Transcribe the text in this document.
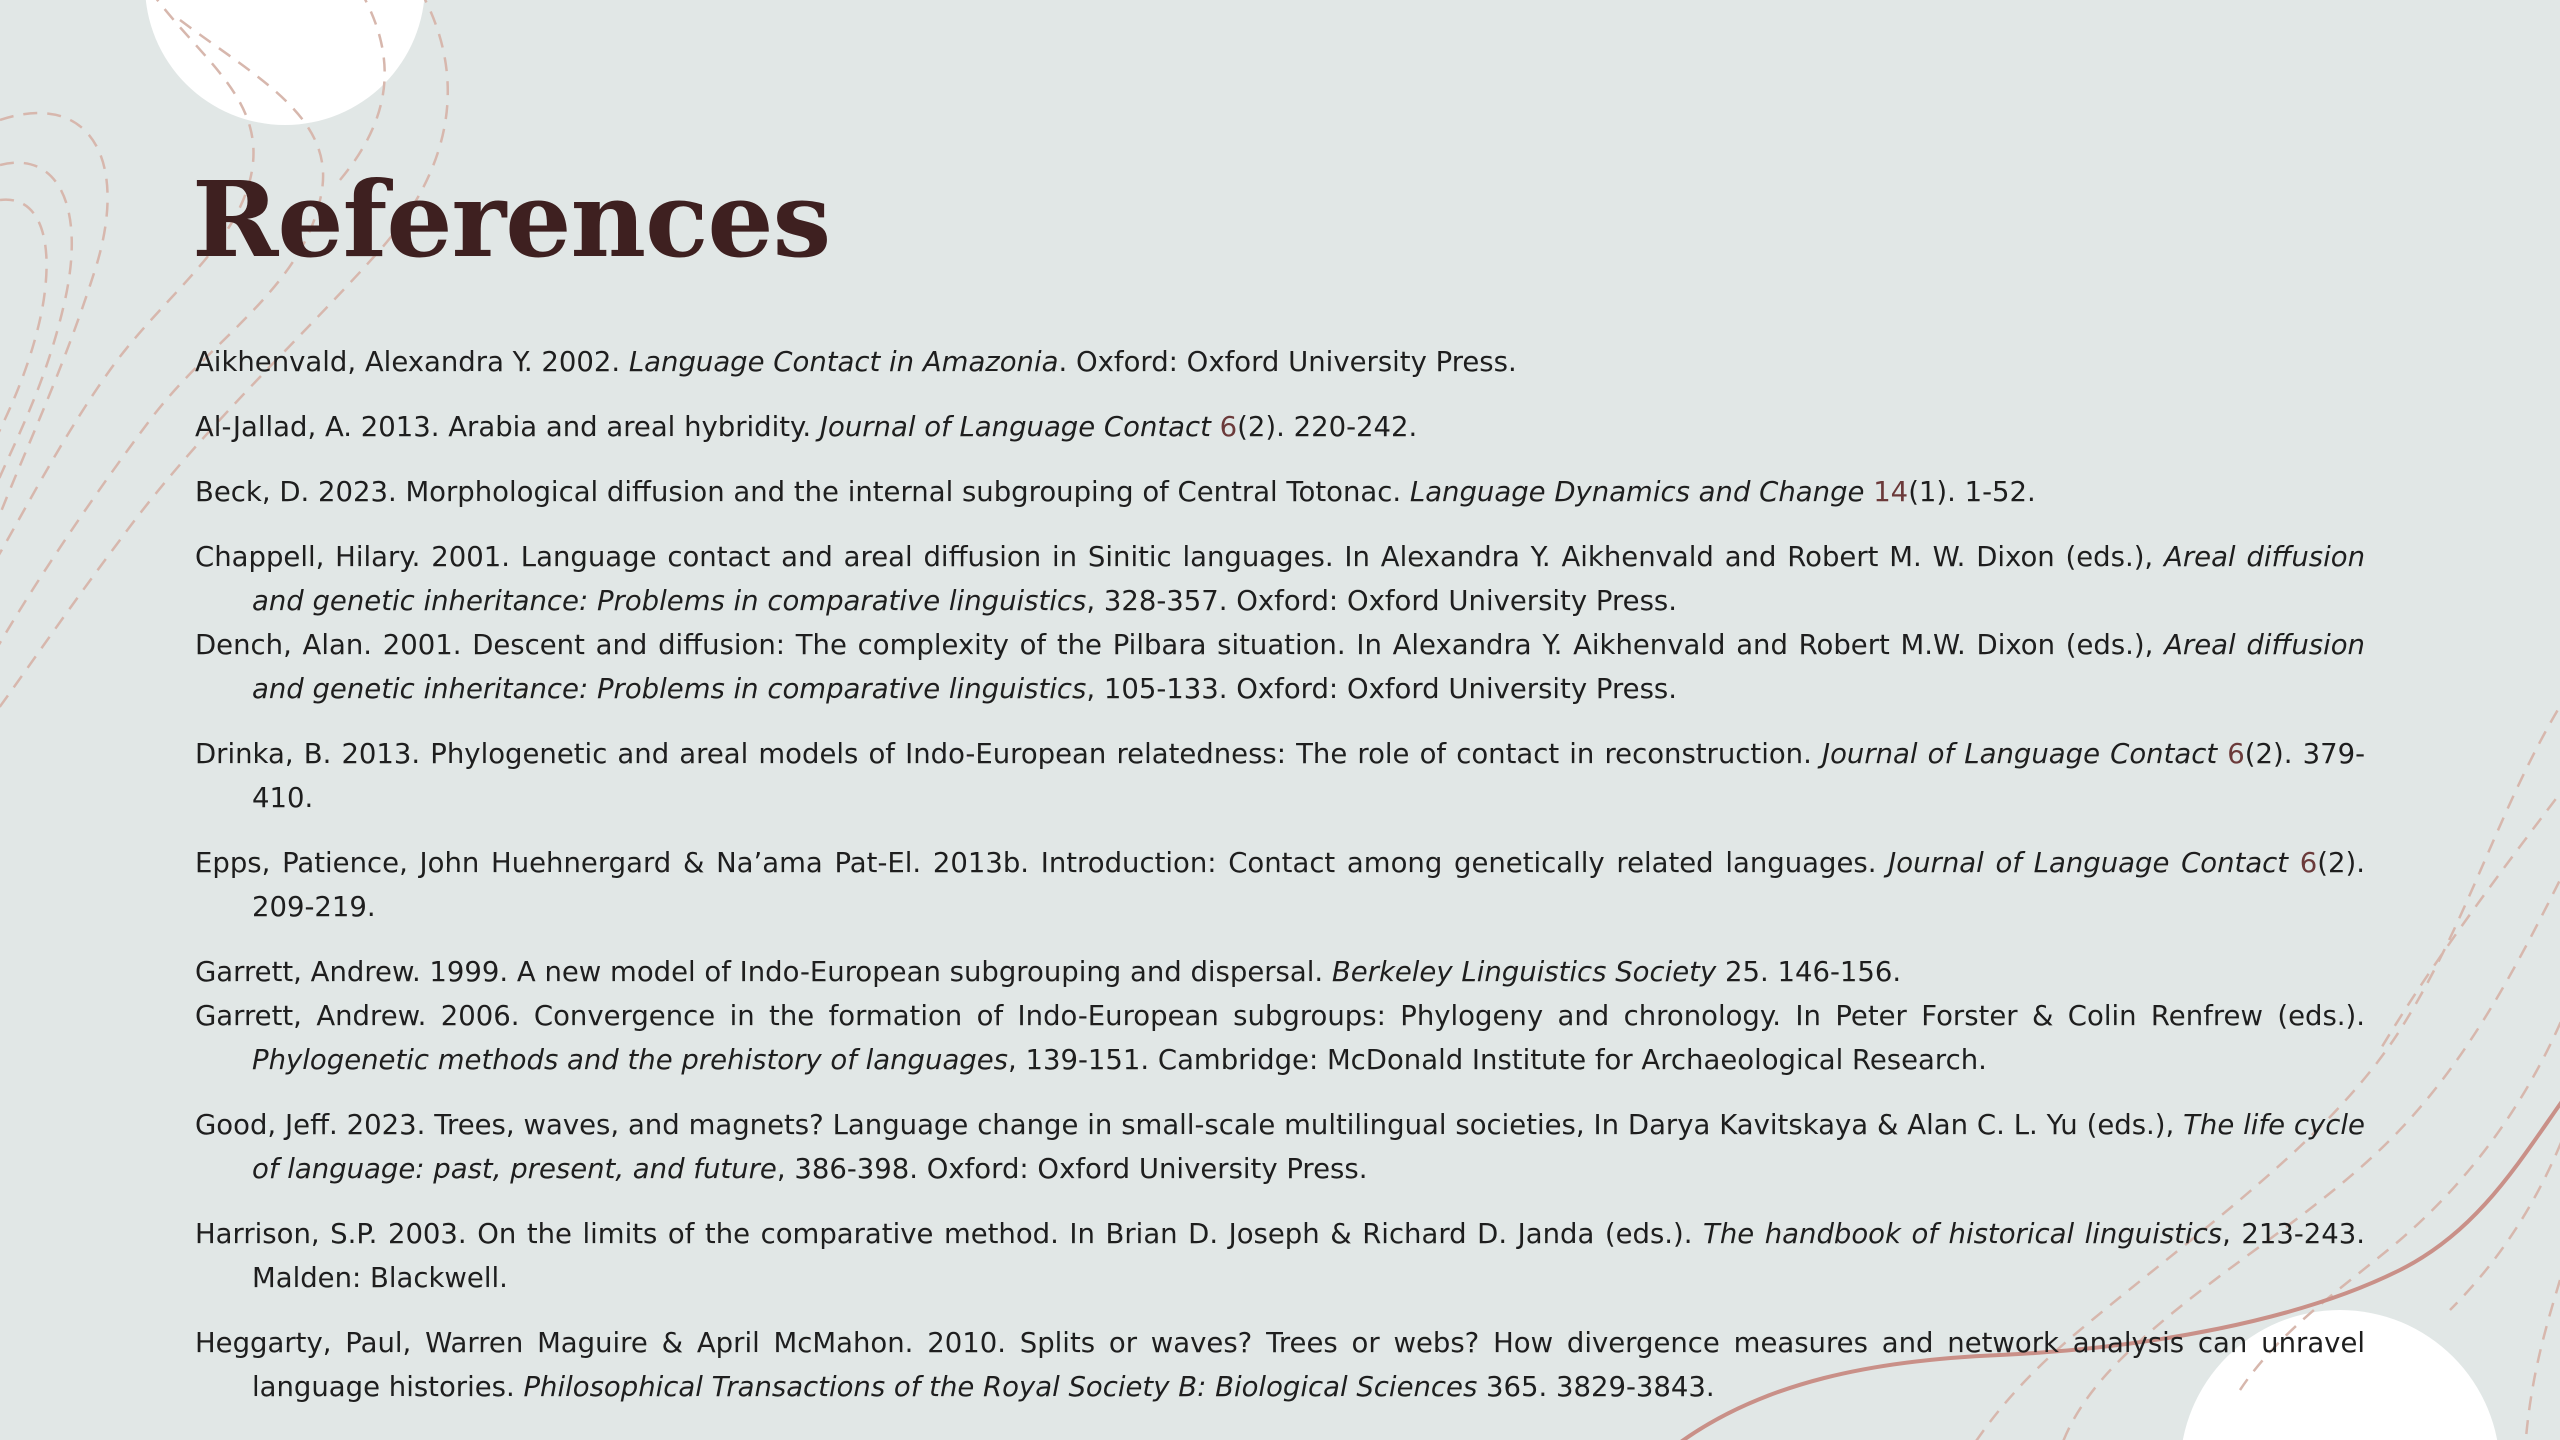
References

Aikhenvald, Alexandra Y. 2002. Language Contact in Amazonia. Oxford: Oxford University Press.

Al-Jallad, A. 2013. Arabia and areal hybridity. Journal of Language Contact 6(2). 220-242.

Beck, D. 2023. Morphological diffusion and the internal subgrouping of Central Totonac. Language Dynamics and Change 14(1). 1-52.

Chappell, Hilary. 2001. Language contact and areal diffusion in Sinitic languages. In Alexandra Y. Aikhenvald and Robert M. W. Dixon (eds.), Areal diffusion and genetic inheritance: Problems in comparative linguistics, 328-357. Oxford: Oxford University Press.

Dench, Alan. 2001. Descent and diffusion: The complexity of the Pilbara situation. In Alexandra Y. Aikhenvald and Robert M.W. Dixon (eds.), Areal diffusion and genetic inheritance: Problems in comparative linguistics, 105-133. Oxford: Oxford University Press.

Drinka, B. 2013. Phylogenetic and areal models of Indo-European relatedness: The role of contact in reconstruction. Journal of Language Contact 6(2). 379-410.

Epps, Patience, John Huehnergard & Na’ama Pat-El. 2013b. Introduction: Contact among genetically related languages. Journal of Language Contact 6(2). 209-219.

Garrett, Andrew. 1999. A new model of Indo-European subgrouping and dispersal. Berkeley Linguistics Society 25. 146-156.

Garrett, Andrew. 2006. Convergence in the formation of Indo-European subgroups: Phylogeny and chronology. In Peter Forster & Colin Renfrew (eds.). Phylogenetic methods and the prehistory of languages, 139-151. Cambridge: McDonald Institute for Archaeological Research.

Good, Jeff. 2023. Trees, waves, and magnets? Language change in small-scale multilingual societies, In Darya Kavitskaya & Alan C. L. Yu (eds.), The life cycle of language: past, present, and future, 386-398. Oxford: Oxford University Press.

Harrison, S.P. 2003. On the limits of the comparative method. In Brian D. Joseph & Richard D. Janda (eds.). The handbook of historical linguistics, 213-243. Malden: Blackwell.

Heggarty, Paul, Warren Maguire & April McMahon. 2010. Splits or waves? Trees or webs? How divergence measures and network analysis can unravel language histories. Philosophical Transactions of the Royal Society B: Biological Sciences 365. 3829-3843.
